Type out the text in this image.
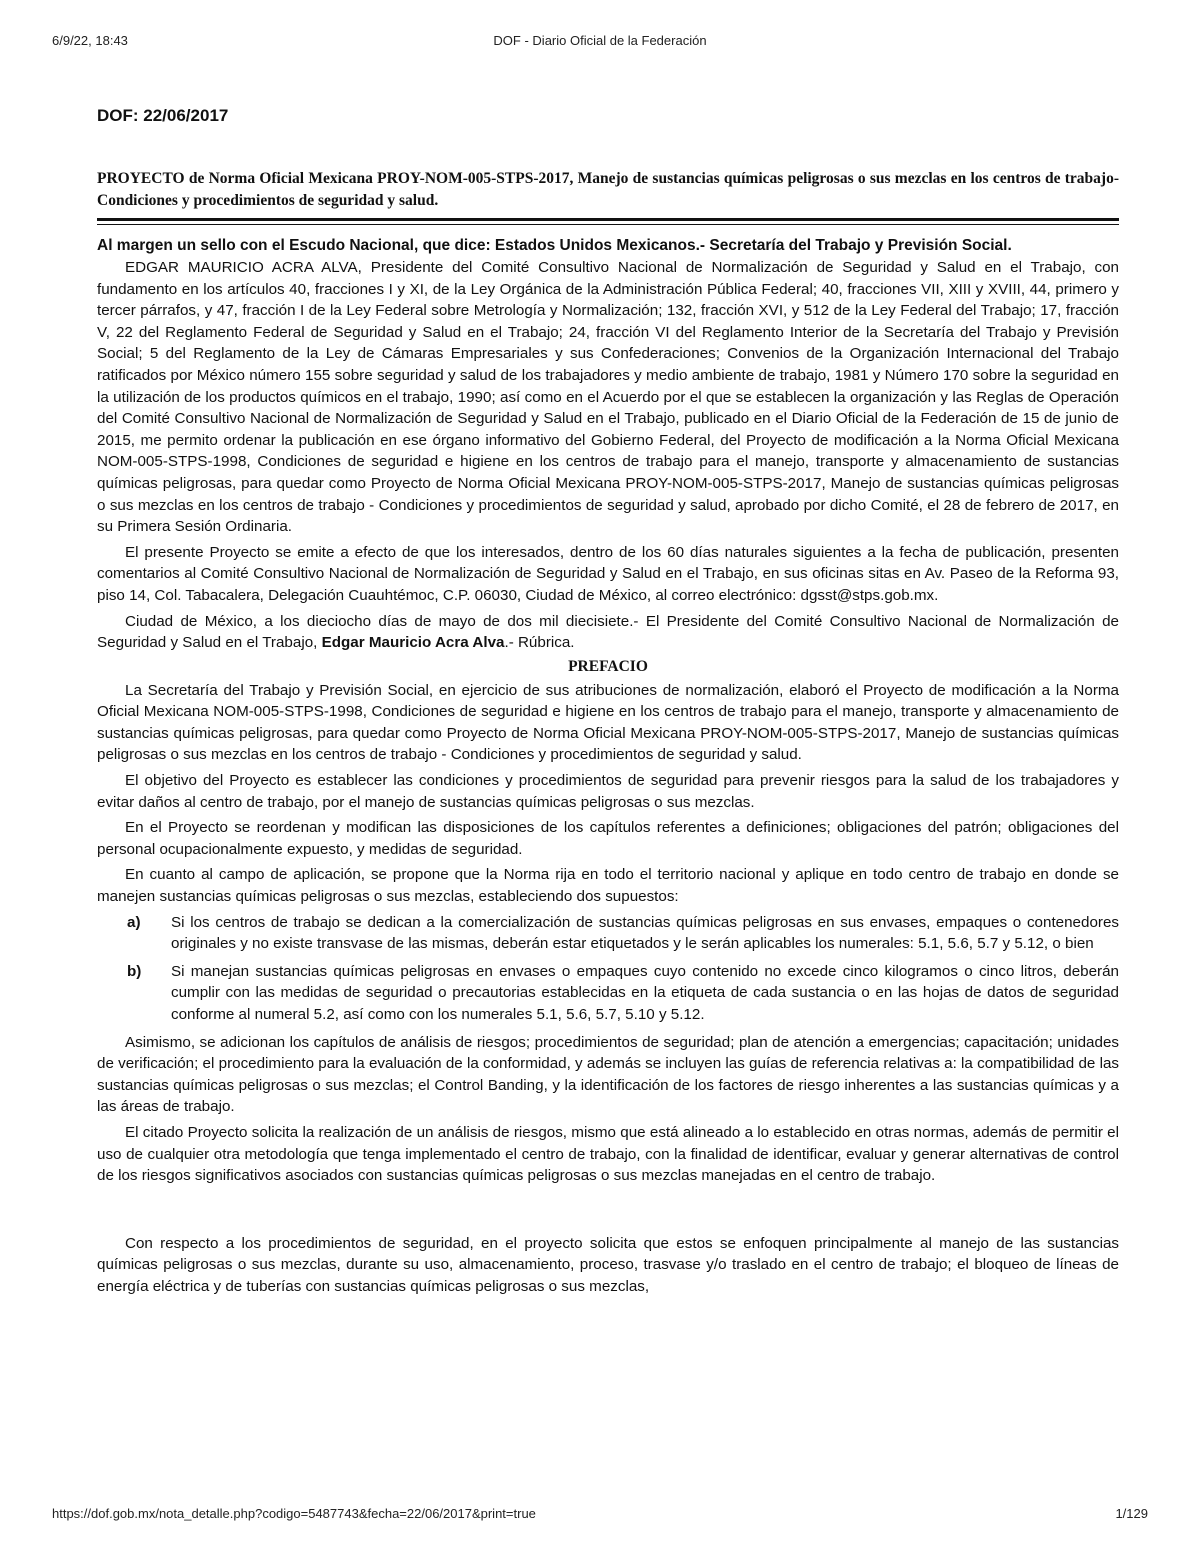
6/9/22, 18:43	DOF - Diario Oficial de la Federación
DOF: 22/06/2017
PROYECTO de Norma Oficial Mexicana PROY-NOM-005-STPS-2017, Manejo de sustancias químicas peligrosas o sus mezclas en los centros de trabajo-Condiciones y procedimientos de seguridad y salud.
Al margen un sello con el Escudo Nacional, que dice: Estados Unidos Mexicanos.- Secretaría del Trabajo y Previsión Social.

EDGAR MAURICIO ACRA ALVA, Presidente del Comité Consultivo Nacional de Normalización de Seguridad y Salud en el Trabajo, con fundamento en los artículos 40, fracciones I y XI, de la Ley Orgánica de la Administración Pública Federal; 40, fracciones VII, XIII y XVIII, 44, primero y tercer párrafos, y 47, fracción I de la Ley Federal sobre Metrología y Normalización; 132, fracción XVI, y 512 de la Ley Federal del Trabajo; 17, fracción V, 22 del Reglamento Federal de Seguridad y Salud en el Trabajo; 24, fracción VI del Reglamento Interior de la Secretaría del Trabajo y Previsión Social; 5 del Reglamento de la Ley de Cámaras Empresariales y sus Confederaciones; Convenios de la Organización Internacional del Trabajo ratificados por México número 155 sobre seguridad y salud de los trabajadores y medio ambiente de trabajo, 1981 y Número 170 sobre la seguridad en la utilización de los productos químicos en el trabajo, 1990; así como en el Acuerdo por el que se establecen la organización y las Reglas de Operación del Comité Consultivo Nacional de Normalización de Seguridad y Salud en el Trabajo, publicado en el Diario Oficial de la Federación de 15 de junio de 2015, me permito ordenar la publicación en ese órgano informativo del Gobierno Federal, del Proyecto de modificación a la Norma Oficial Mexicana NOM-005-STPS-1998, Condiciones de seguridad e higiene en los centros de trabajo para el manejo, transporte y almacenamiento de sustancias químicas peligrosas, para quedar como Proyecto de Norma Oficial Mexicana PROY-NOM-005-STPS-2017, Manejo de sustancias químicas peligrosas o sus mezclas en los centros de trabajo - Condiciones y procedimientos de seguridad y salud, aprobado por dicho Comité, el 28 de febrero de 2017, en su Primera Sesión Ordinaria.

El presente Proyecto se emite a efecto de que los interesados, dentro de los 60 días naturales siguientes a la fecha de publicación, presenten comentarios al Comité Consultivo Nacional de Normalización de Seguridad y Salud en el Trabajo, en sus oficinas sitas en Av. Paseo de la Reforma 93, piso 14, Col. Tabacalera, Delegación Cuauhtémoc, C.P. 06030, Ciudad de México, al correo electrónico: dgsst@stps.gob.mx.

Ciudad de México, a los dieciocho días de mayo de dos mil diecisiete.- El Presidente del Comité Consultivo Nacional de Normalización de Seguridad y Salud en el Trabajo, Edgar Mauricio Acra Alva.- Rúbrica.

PREFACIO

La Secretaría del Trabajo y Previsión Social, en ejercicio de sus atribuciones de normalización, elaboró el Proyecto de modificación a la Norma Oficial Mexicana NOM-005-STPS-1998, Condiciones de seguridad e higiene en los centros de trabajo para el manejo, transporte y almacenamiento de sustancias químicas peligrosas, para quedar como Proyecto de Norma Oficial Mexicana PROY-NOM-005-STPS-2017, Manejo de sustancias químicas peligrosas o sus mezclas en los centros de trabajo - Condiciones y procedimientos de seguridad y salud.

El objetivo del Proyecto es establecer las condiciones y procedimientos de seguridad para prevenir riesgos para la salud de los trabajadores y evitar daños al centro de trabajo, por el manejo de sustancias químicas peligrosas o sus mezclas.

En el Proyecto se reordenan y modifican las disposiciones de los capítulos referentes a definiciones; obligaciones del patrón; obligaciones del personal ocupacionalmente expuesto, y medidas de seguridad.

En cuanto al campo de aplicación, se propone que la Norma rija en todo el territorio nacional y aplique en todo centro de trabajo en donde se manejen sustancias químicas peligrosas o sus mezclas, estableciendo dos supuestos:

a)	Si los centros de trabajo se dedican a la comercialización de sustancias químicas peligrosas en sus envases, empaques o contenedores originales y no existe transvase de las mismas, deberán estar etiquetados y le serán aplicables los numerales: 5.1, 5.6, 5.7 y 5.12, o bien
b)	Si manejan sustancias químicas peligrosas en envases o empaques cuyo contenido no excede cinco kilogramos o cinco litros, deberán cumplir con las medidas de seguridad o precautorias establecidas en la etiqueta de cada sustancia o en las hojas de datos de seguridad conforme al numeral 5.2, así como con los numerales 5.1, 5.6, 5.7, 5.10 y 5.12.

Asimismo, se adicionan los capítulos de análisis de riesgos; procedimientos de seguridad; plan de atención a emergencias; capacitación; unidades de verificación; el procedimiento para la evaluación de la conformidad, y además se incluyen las guías de referencia relativas a: la compatibilidad de las sustancias químicas peligrosas o sus mezclas; el Control Banding, y la identificación de los factores de riesgo inherentes a las sustancias químicas y a las áreas de trabajo.

El citado Proyecto solicita la realización de un análisis de riesgos, mismo que está alineado a lo establecido en otras normas, además de permitir el uso de cualquier otra metodología que tenga implementado el centro de trabajo, con la finalidad de identificar, evaluar y generar alternativas de control de los riesgos significativos asociados con sustancias químicas peligrosas o sus mezclas manejadas en el centro de trabajo.

Con respecto a los procedimientos de seguridad, en el proyecto solicita que estos se enfoquen principalmente al manejo de las sustancias químicas peligrosas o sus mezclas, durante su uso, almacenamiento, proceso, trasvase y/o traslado en el centro de trabajo; el bloqueo de líneas de energía eléctrica y de tuberías con sustancias químicas peligrosas o sus mezclas,

https://dof.gob.mx/nota_detalle.php?codigo=5487743&fecha=22/06/2017&print=true	1/129
